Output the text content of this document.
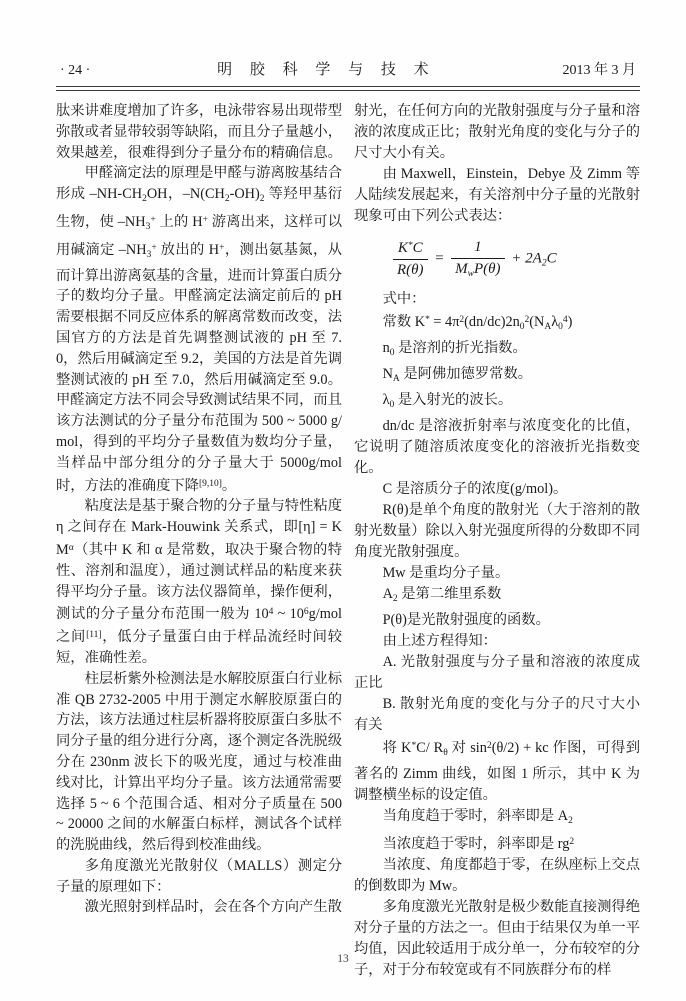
· 24 ·	明 胶 科 学 与 技 术	2013 年 3 月

肽来讲难度增加了许多，电泳带容易出现带型弥散或者显带较弱等缺陷，而且分子量越小，效果越差，很难得到分子量分布的精确信息。

甲醛滴定法的原理是甲醛与游离胺基结合形成 $-NH-CH_2OH$，$-N(CH_2-OH)_2$ 等羟甲基衍生物，使 $-NH_3^+$ 上的 H+ 游离出来，这样可以用碱滴定 $-NH_3^+$ 放出的 H+，测出氨基氮，从而计算出游离氨基的含量，进而计算蛋白质分子的数均分子量。甲醛滴定法滴定前后的 pH 需要根据不同反应体系的解离常数而改变，法国官方的方法是首先调整测试液的 pH 至 7.0，然后用碱滴定至 9.2，美国的方法是首先调整测试液的 pH 至 7.0，然后用碱滴定至 9.0。甲醛滴定方法不同会导致测试结果不同，而且该方法测试的分子量分布范围为 500 ~ 5000 g/mol，得到的平均分子量数值为数均分子量，当样品中部分组分的分子量大于 5000g/mol 时，方法的准确度下降[9,10]。

粘度法是基于聚合物的分子量与特性粘度 η 之间存在 Mark-Houwink 关系式，即$[\eta] = KM^\alpha$（其中 K 和 α 是常数，取决于聚合物的特性、溶剂和温度），通过测试样品的粘度来获得平均分子量。该方法仪器简单，操作便利，测试的分子量分布范围一般为 $10^4$ ~ $10^6g$/mol 之间[11]，低分子量蛋白由于样品流经时间较短，准确性差。

柱层析紫外检测法是水解胶原蛋白行业标准 QB 2732-2005 中用于测定水解胶原蛋白的方法，该方法通过柱层析器将胶原蛋白多肽不同分子量的组分进行分离，逐个测定各洗脱级分在 230nm 波长下的吸光度，通过与校准曲线对比，计算出平均分子量。该方法通常需要选择 5 ~ 6 个范围合适、相对分子质量在 500 ~ 20000 之间的水解蛋白标样，测试各个试样的洗脱曲线，然后得到校准曲线。

多角度激光光散射仪（MALLS）测定分子量的原理如下：

激光照射到样品时，会在各个方向产生散

射光，在任何方向的光散射强度与分子量和溶液的浓度成正比；散射光角度的变化与分子的尺寸大小有关。

由 Maxwell，Einstein，Debye 及 Zimm 等人陆续发展起来，有关溶剂中分子量的光散射现象可由下列公式表达：

$\frac{K^*C}{R(\theta)} = \frac{1}{M_wP(\theta)} + 2A_2C$

式中：

常数 $K^* = 4\pi^2(dn/dc)2n_0^2(N_A\lambda_0^4)$

$n_0$ 是溶剂的折光指数。

$N_A$ 是阿佛加德罗常数。

$\lambda_0$ 是入射光的波长。

dn/dc 是溶液折射率与浓度变化的比值，它说明了随溶质浓度变化的溶液折光指数变化。

C 是溶质分子的浓度(g/mol)。

R(θ)是单个角度的散射光（大于溶剂的散射光数量）除以入射光强度所得的分数即不同角度光散射强度。

Mw 是重均分子量。

$A_2$ 是第二维里系数

P(θ)是光散射强度的函数。

由上述方程得知：

A. 光散射强度与分子量和溶液的浓度成正比

B. 散射光角度的变化与分子的尺寸大小有关

将 K*C/ $R_\theta$ 对 $\sin^2(\theta/2)$ + kc 作图，可得到著名的 Zimm 曲线，如图 1 所示，其中 K 为调整横坐标的设定值。

当角度趋于零时，斜率即是 $A_2$

当浓度趋于零时，斜率即是 $rg^2$

当浓度、角度都趋于零，在纵座标上交点的倒数即为 Mw。

多角度激光光散射是极少数能直接测得绝对分子量的方法之一。但由于结果仅为单一平均值，因此较适用于成分单一，分布较窄的分子，对于分布较宽或有不同族群分布的样

13
